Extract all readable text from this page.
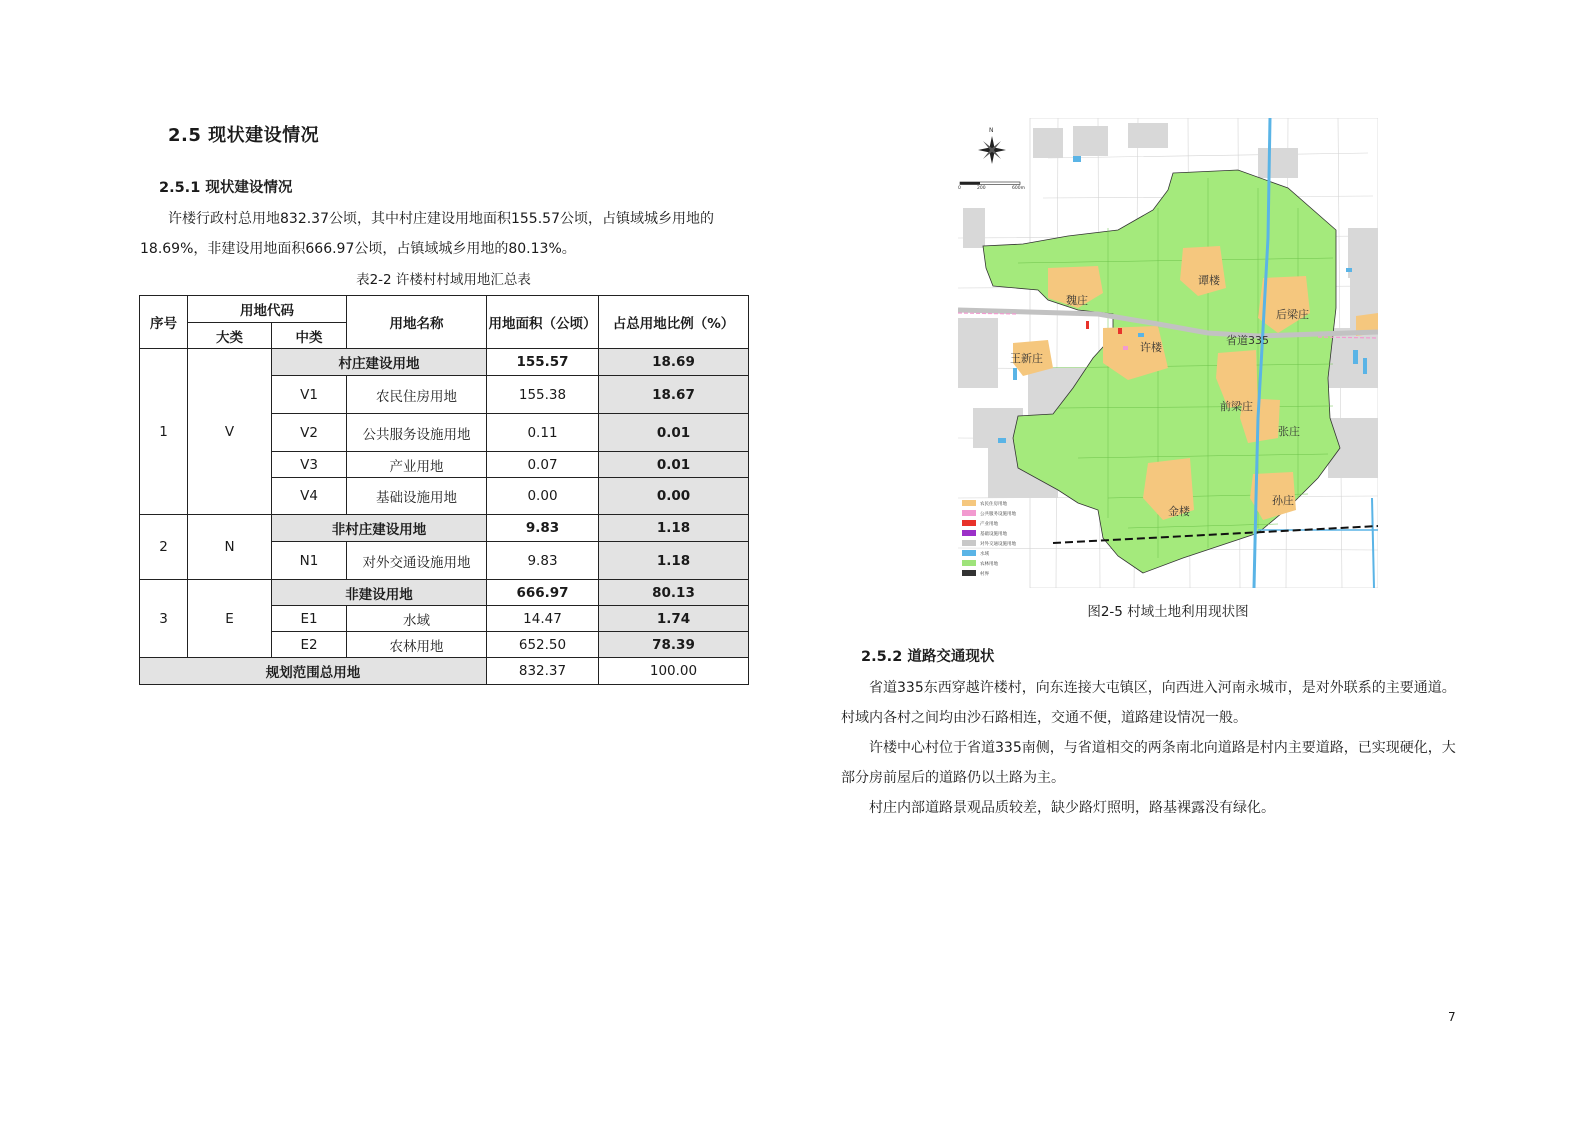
2.5 现状建设情况
2.5.1 现状建设情况

许楼行政村总用地832.37公顷，其中村庄建设用地面积155.57公顷，占镇域城乡用地的18.69%，非建设用地面积666.97公顷，占镇域城乡用地的80.13%。

表2-2 许楼村村域用地汇总表
序号	用地代码		用地名称	用地面积（公顷）	占总用地比例（%）
	大类	中类			
1	V	村庄建设用地		155.57	18.69
		V1	农民住房用地	155.38	18.67
		V2	公共服务设施用地	0.11	0.01
		V3	产业用地	0.07	0.01
		V4	基础设施用地	0.00	0.00
2	N	非村庄建设用地		9.83	1.18
		N1	对外交通设施用地	9.83	1.18
3	E	非建设用地		666.97	80.13
		E1	水域	14.47	1.74
		E2	农林用地	652.50	78.39
规划范围总用地				832.37	100.00
N
0	200	600m
魏庄
谭楼
后梁庄
王新庄
许楼
省道335
前梁庄
张庄
金楼
孙庄
农民住房用地
公共服务设施用地
产业用地
基础设施用地
对外交通设施用地
水域
农林用地
村界
图2-5 村域土地利用现状图
2.5.2 道路交通现状

省道335东西穿越许楼村，向东连接大屯镇区，向西进入河南永城市，是对外联系的主要通道。村域内各村之间均由沙石路相连，交通不便，道路建设情况一般。

许楼中心村位于省道335南侧，与省道相交的两条南北向道路是村内主要道路，已实现硬化，大部分房前屋后的道路仍以土路为主。

村庄内部道路景观品质较差，缺少路灯照明，路基裸露没有绿化。

7
